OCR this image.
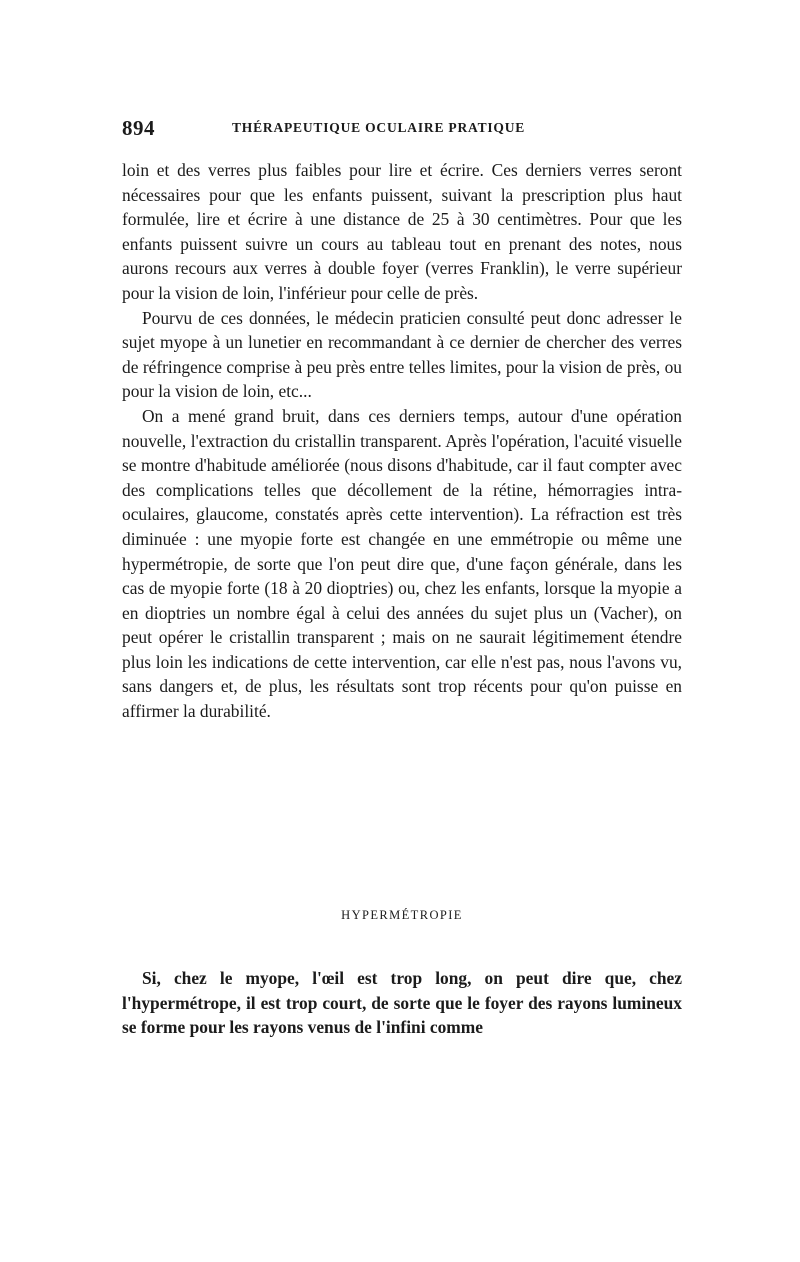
894	THÉRAPEUTIQUE OCULAIRE PRATIQUE

loin et des verres plus faibles pour lire et écrire. Ces derniers verres seront nécessaires pour que les enfants puissent, suivant la prescription plus haut formulée, lire et écrire à une distance de 25 à 30 centimètres. Pour que les enfants puissent suivre un cours au tableau tout en prenant des notes, nous aurons recours aux verres à double foyer (verres Franklin), le verre supérieur pour la vision de loin, l'inférieur pour celle de près.

Pourvu de ces données, le médecin praticien consulté peut donc adresser le sujet myope à un lunetier en recommandant à ce dernier de chercher des verres de réfringence comprise à peu près entre telles limites, pour la vision de près, ou pour la vision de loin, etc...

On a mené grand bruit, dans ces derniers temps, autour d'une opération nouvelle, l'extraction du cristallin transparent. Après l'opération, l'acuité visuelle se montre d'habitude améliorée (nous disons d'habitude, car il faut compter avec des complications telles que décollement de la rétine, hémorragies intra-oculaires, glaucome, constatés après cette intervention). La réfraction est très diminuée : une myopie forte est changée en une emmétropie ou même une hypermétropie, de sorte que l'on peut dire que, d'une façon générale, dans les cas de myopie forte (18 à 20 dioptries) ou, chez les enfants, lorsque la myopie a en dioptries un nombre égal à celui des années du sujet plus un (Vacher), on peut opérer le cristallin transparent ; mais on ne saurait légitimement étendre plus loin les indications de cette intervention, car elle n'est pas, nous l'avons vu, sans dangers et, de plus, les résultats sont trop récents pour qu'on puisse en affirmer la durabilité.

HYPERMÉTROPIE

Si, chez le myope, l'œil est trop long, on peut dire que, chez l'hypermétrope, il est trop court, de sorte que le foyer des rayons lumineux se forme pour les rayons venus de l'infini comme
